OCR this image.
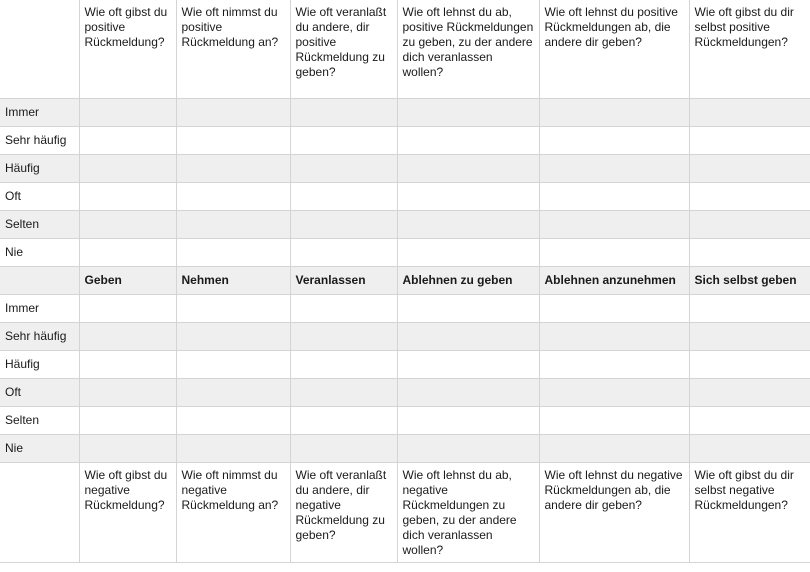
	Wie oft gibst du positive Rückmeldung?	Wie oft nimmst du positive Rückmeldung an?	Wie oft veranlaßt du andere, dir positive Rückmeldung zu geben?	Wie oft lehnst du ab, positive Rückmeldungen zu geben, zu der andere dich veranlassen wollen?	Wie oft lehnst du positive Rückmeldungen ab, die andere dir geben?	Wie oft gibst du dir selbst positive Rückmeldungen?
Immer						
Sehr häufig						
Häufig						
Oft						
Selten						
Nie						
	Geben	Nehmen	Veranlassen	Ablehnen zu geben	Ablehnen anzunehmen	Sich selbst geben
Immer						
Sehr häufig						
Häufig						
Oft						
Selten						
Nie						
	Wie oft gibst du negative Rückmeldung?	Wie oft nimmst du negative Rückmeldung an?	Wie oft veranlaßt du andere, dir negative Rückmeldung zu geben?	Wie oft lehnst du ab, negative Rückmeldungen zu geben, zu der andere dich veranlassen wollen?	Wie oft lehnst du negative Rückmeldungen ab, die andere dir geben?	Wie oft gibst du dir selbst negative Rückmeldungen?
